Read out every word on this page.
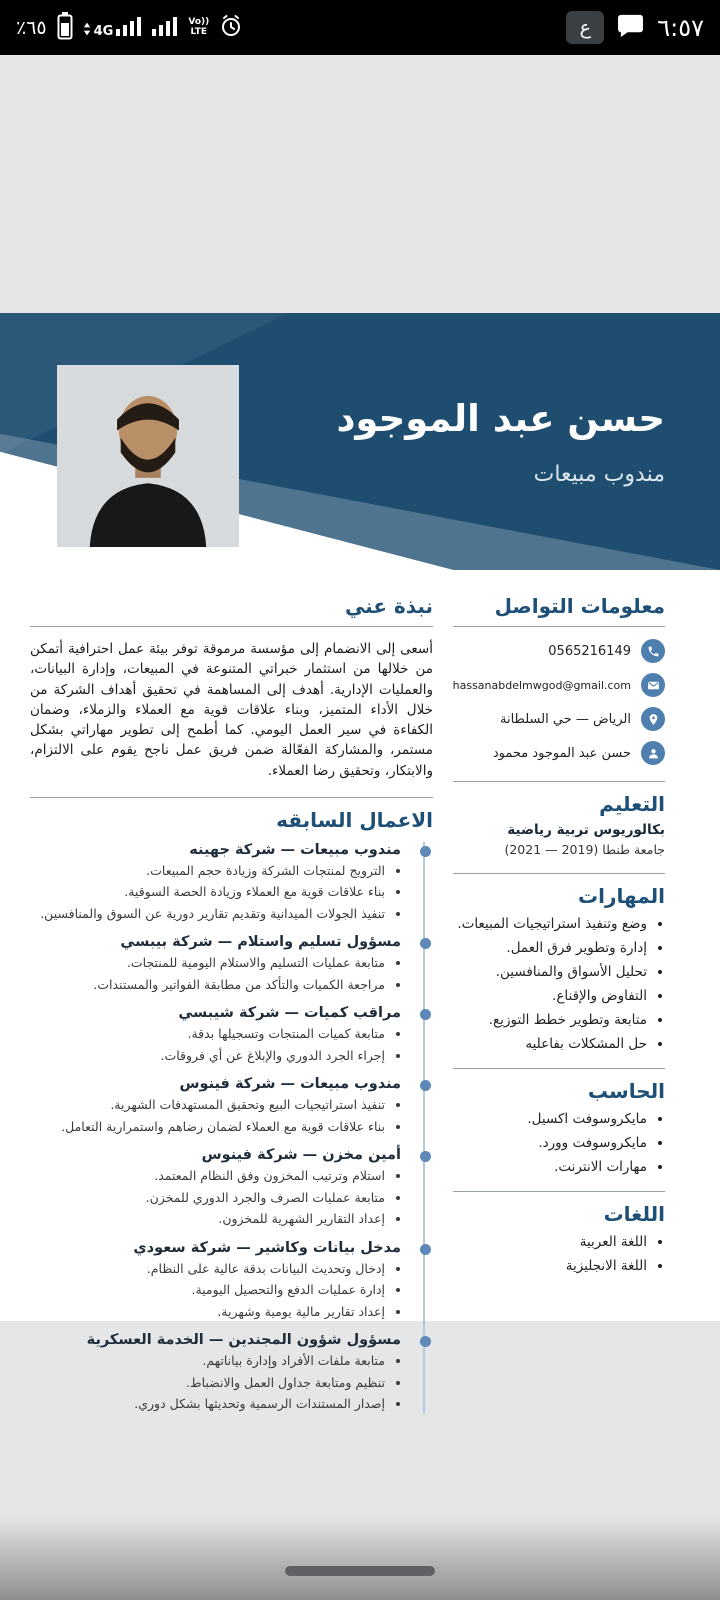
٦٥٪	4G
Vo))
LTE	ع	٦:٥٧
حسن عبد الموجود
مندوب مبيعات
معلومات التواصل
0565216149
hassanabdelmwgod@gmail.com
الرياض — حي السلطانة
حسن عبد الموجود محمود
التعليم
بكالوريوس تربية رياضية
جامعة طنطا (2019 — 2021)
المهارات
• وضع وتنفيذ استراتيجيات المبيعات.
• إدارة وتطوير فرق العمل.
• تحليل الأسواق والمنافسين.
• التفاوض والإقناع.
• متابعة وتطوير خطط التوزيع.
• حل المشكلات بفاعليه
الحاسب
• مايكروسوفت اكسيل.
• مايكروسوفت وورد.
• مهارات الانترنت.
اللغات
• اللغة العربية
• اللغة الانجليزية
نبذة عني

أسعى إلى الانضمام إلى مؤسسة مرموقة توفر بيئة عمل احترافية أتمكن من خلالها من استثمار خبراتي المتنوعة في المبيعات، وإدارة البيانات، والعمليات الإدارية. أهدف إلى المساهمة في تحقيق أهداف الشركة من خلال الأداء المتميز، وبناء علاقات قوية مع العملاء والزملاء، وضمان الكفاءة في سير العمل اليومي. كما أطمح إلى تطوير مهاراتي بشكل مستمر، والمشاركة الفعّالة ضمن فريق عمل ناجح يقوم على الالتزام، والابتكار، وتحقيق رضا العملاء.

الاعمال السابقه
مندوب مبيعات — شركة جهينه
• الترويج لمنتجات الشركة وزيادة حجم المبيعات.
• بناء علاقات قوية مع العملاء وزيادة الحصة السوقية.
• تنفيذ الجولات الميدانية وتقديم تقارير دورية عن السوق والمنافسين.
مسؤول تسليم واستلام — شركة بيبسي
• متابعة عمليات التسليم والاستلام اليومية للمنتجات.
• مراجعة الكميات والتأكد من مطابقة الفواتير والمستندات.
مراقب كميات — شركة شيبسي
• متابعة كميات المنتجات وتسجيلها بدقة.
• إجراء الجرد الدوري والإبلاغ عن أي فروقات.
مندوب مبيعات — شركة فينوس
• تنفيذ استراتيجيات البيع وتحقيق المستهدفات الشهرية.
• بناء علاقات قوية مع العملاء لضمان رضاهم واستمرارية التعامل.
أمين مخزن — شركة فينوس
• استلام وترتيب المخزون وفق النظام المعتمد.
• متابعة عمليات الصرف والجرد الدوري للمخزن.
• إعداد التقارير الشهرية للمخزون.
مدخل بيانات وكاشير — شركة سعودي
• إدخال وتحديث البيانات بدقة عالية على النظام.
• إدارة عمليات الدفع والتحصيل اليومية.
• إعداد تقارير مالية يومية وشهرية.
مسؤول شؤون المجندين — الخدمة العسكرية
• متابعة ملفات الأفراد وإدارة بياناتهم.
• تنظيم ومتابعة جداول العمل والانضباط.
• إصدار المستندات الرسمية وتحديثها بشكل دوري.
